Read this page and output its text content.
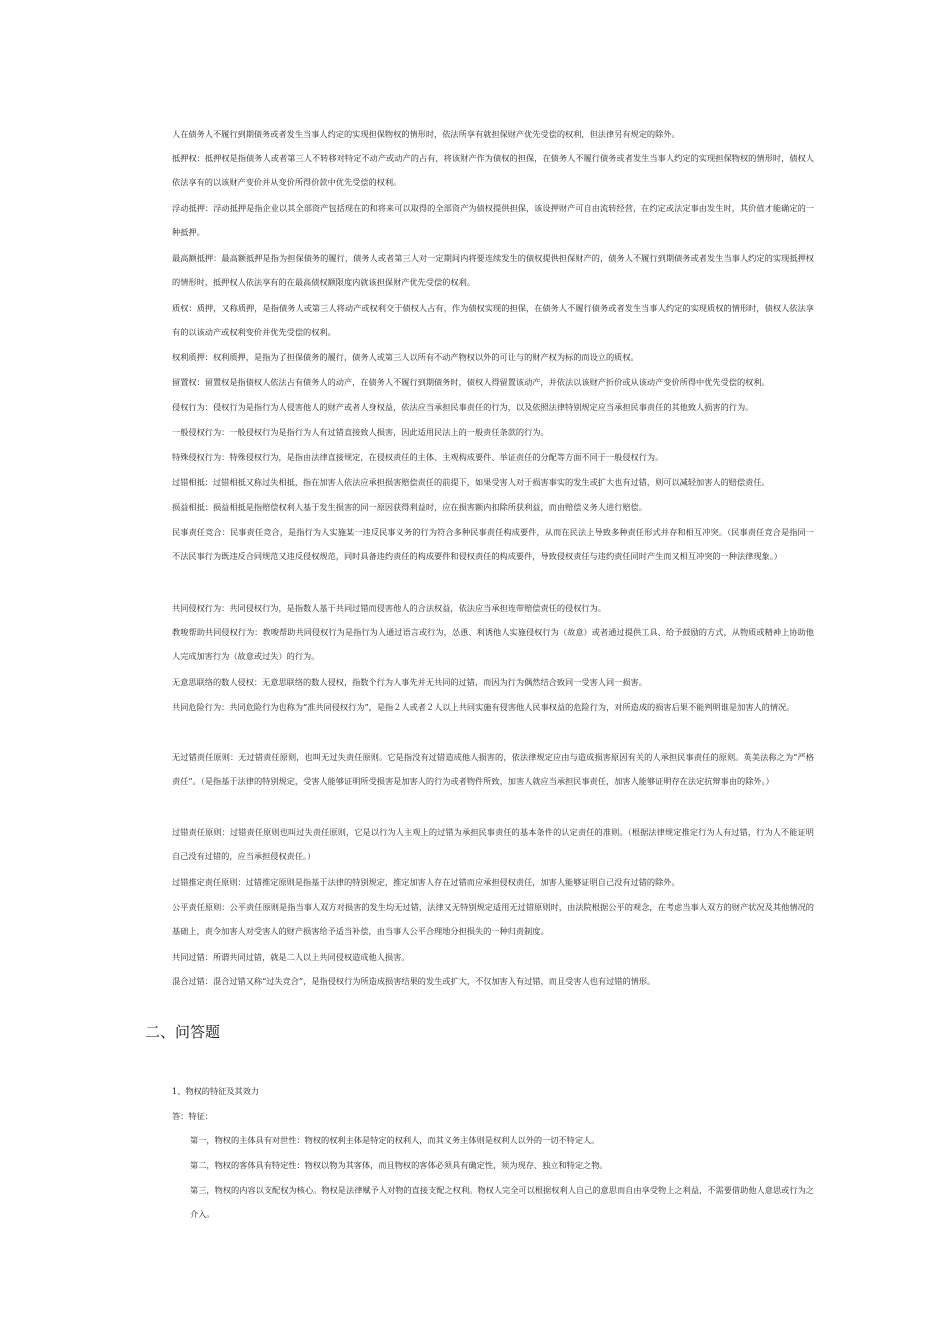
人在债务人不履行到期债务或者发生当事人约定的实现担保物权的情形时，依法所享有就担保财产优先受偿的权利，但法律另有规定的除外。

抵押权：抵押权是指债务人或者第三人不转移对特定不动产或动产的占有，将该财产作为债权的担保，在债务人不履行债务或者发生当事人约定的实现担保物权的情形时，债权人依法享有的以该财产变价并从变价所得价款中优先受偿的权利。

浮动抵押：浮动抵押是指企业以其全部资产包括现在的和将来可以取得的全部资产为债权提供担保，该设押财产可自由流转经营，在约定或法定事由发生时，其价值才能确定的一种抵押。

最高额抵押：最高额抵押是指为担保债务的履行，债务人或者第三人对一定期间内将要连续发生的债权提供担保财产的，债务人不履行到期债务或者发生当事人约定的实现抵押权的情形时，抵押权人依法享有的在最高债权额限度内就该担保财产优先受偿的权利。

质权：质押，又称质押，是指债务人或第三人将动产或权利交于债权人占有，作为债权实现的担保，在债务人不履行债务或者发生当事人约定的实现质权的情形时，债权人依法享有的以该动产或权利变价并优先受偿的权利。

权利质押：权利质押，是指为了担保债务的履行，债务人或第三人以所有不动产物权以外的可让与的财产权为标的而设立的质权。

留置权：留置权是指债权人依法占有债务人的动产，在债务人不履行到期债务时，债权人得留置该动产，并依法以该财产折价或从该动产变价所得中优先受偿的权利。

侵权行为：侵权行为是指行为人侵害他人的财产或者人身权益，依法应当承担民事责任的行为，以及依照法律特别规定应当承担民事责任的其他致人损害的行为。

一般侵权行为：一般侵权行为是指行为人有过错直接致人损害，因此适用民法上的一般责任条款的行为。

特殊侵权行为：特殊侵权行为，是指由法律直接规定，在侵权责任的主体、主观构成要件、举证责任的分配等方面不同于一般侵权行为。

过错相抵：过错相抵又称过失相抵，指在加害人依法应承担损害赔偿责任的前提下，如果受害人对于损害事实的发生或扩大也有过错，则可以减轻加害人的赔偿责任。

损益相抵：损益相抵是指赔偿权利人基于发生损害的同一原因获得利益时，应在损害额内扣除所获利益，而由赔偿义务人进行赔偿。

民事责任竞合：民事责任竞合，是指行为人实施某一违反民事义务的行为符合多种民事责任构成要件，从而在民法上导致多种责任形式并存和相互冲突。（民事责任竞合是指同一不法民事行为既违反合同规范又违反侵权规范，同时具备违约责任的构成要件和侵权责任的构成要件，导致侵权责任与违约责任同时产生而又相互冲突的一种法律现象。）

共同侵权行为：共同侵权行为，是指数人基于共同过错而侵害他人的合法权益，依法应当承担连带赔偿责任的侵权行为。

教唆帮助共同侵权行为：教唆帮助共同侵权行为是指行为人通过语言或行为，怂恿、利诱他人实施侵权行为（故意）或者通过提供工具、给予鼓励的方式，从物质或精神上协助他人完成加害行为（故意或过失）的行为。

无意思联络的数人侵权：无意思联络的数人侵权，指数个行为人事先并无共同的过错，而因为行为偶然结合致同一受害人同一损害。

共同危险行为：共同危险行为也称为“准共同侵权行为”，是指２人或者２人以上共同实施有侵害他人民事权益的危险行为，对所造成的损害后果不能判明谁是加害人的情况。

无过错责任原则：无过错责任原则，也叫无过失责任原则。它是指没有过错造成他人损害的，依法律规定应由与造成损害原因有关的人承担民事责任的原则。英美法称之为“严格责任”。（是指基于法律的特别规定，受害人能够证明所受损害是加害人的行为或者物件所致，加害人就应当承担民事责任，加害人能够证明存在法定抗辩事由的除外。）

过错责任原则：过错责任原则也叫过失责任原则，它是以行为人主观上的过错为承担民事责任的基本条件的认定责任的准则。（根据法律规定推定行为人有过错，行为人不能证明自己没有过错的，应当承担侵权责任。）

过错推定责任原则：过错推定原则是指基于法律的特别规定，推定加害人存在过错而应承担侵权责任，加害人能够证明自己没有过错的除外。

公平责任原则：公平责任原则是指当事人双方对损害的发生均无过错，法律又无特别规定适用无过错原则时，由法院根据公平的观念，在考虑当事人双方的财产状况及其他情况的基础上，责令加害人对受害人的财产损害给予适当补偿，由当事人公平合理地分担损失的一种归责制度。

共同过错：所谓共同过错，就是二人以上共同侵权造成他人损害。

混合过错：混合过错又称“过失竞合”，是指侵权行为所造成损害结果的发生或扩大，不仅加害人有过错，而且受害人也有过错的情形。

二、问答题

1、物权的特征及其效力

答：特征：

第一，物权的主体具有对世性：物权的权利主体是特定的权利人，而其义务主体则是权利人以外的一切不特定人。

第二，物权的客体具有特定性：物权以物为其客体，而且物权的客体必须具有确定性，须为现存、独立和特定之物。

第三，物权的内容以支配权为核心。物权是法律赋予人对物的直接支配之权利。物权人完全可以根据权利人自己的意思而自由享受物上之利益，不需要借助他人意思或行为之介入。
